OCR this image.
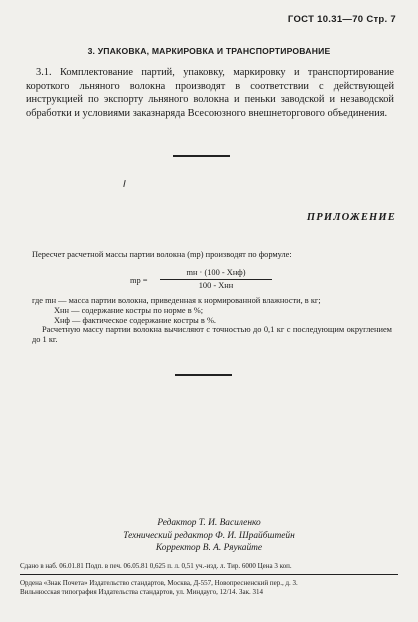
ГОСТ 10.31—70 Стр. 7
3. УПАКОВКА, МАРКИРОВКА И ТРАНСПОРТИРОВАНИЕ
3.1. Комплектование партий, упаковку, маркировку и транспортирование короткого льняного волокна производят в соответствии с действующей инструкцией по экспорту льняного волокна и пеньки заводской и незаводской обработки и условиями заказнаряда Всесоюзного внешнеторгового объединения.
ПРИЛОЖЕНИЕ
Пересчет расчетной массы партии волокна (mр) производят по формуле:
mр =
mн · (100 - Xнф)
100 - Xнн
где mн — масса партии волокна, приведенная к нормированной влажности, в кг;
Xнн — содержание костры по норме в %;
Xнф — фактическое содержание костры в %.
Расчетную массу партии волокна вычисляют с точностью до 0,1 кг с последующим округлением до 1 кг.
Редактор Т. И. Василенко
Технический редактор Ф. И. Шрайбштейн
Корректор В. А. Ряукайте
Сдано в наб. 06.01.81 Подп. в печ. 06.05.81 0,625 п. л. 0,51 уч.-изд. л. Тир. 6000 Цена 3 коп.
Ордена «Знак Почета» Издательство стандартов, Москва, Д-557, Новопресненский пер., д. 3.
Вильнюсская типография Издательства стандартов, ул. Миндауго, 12/14. Зак. 314
